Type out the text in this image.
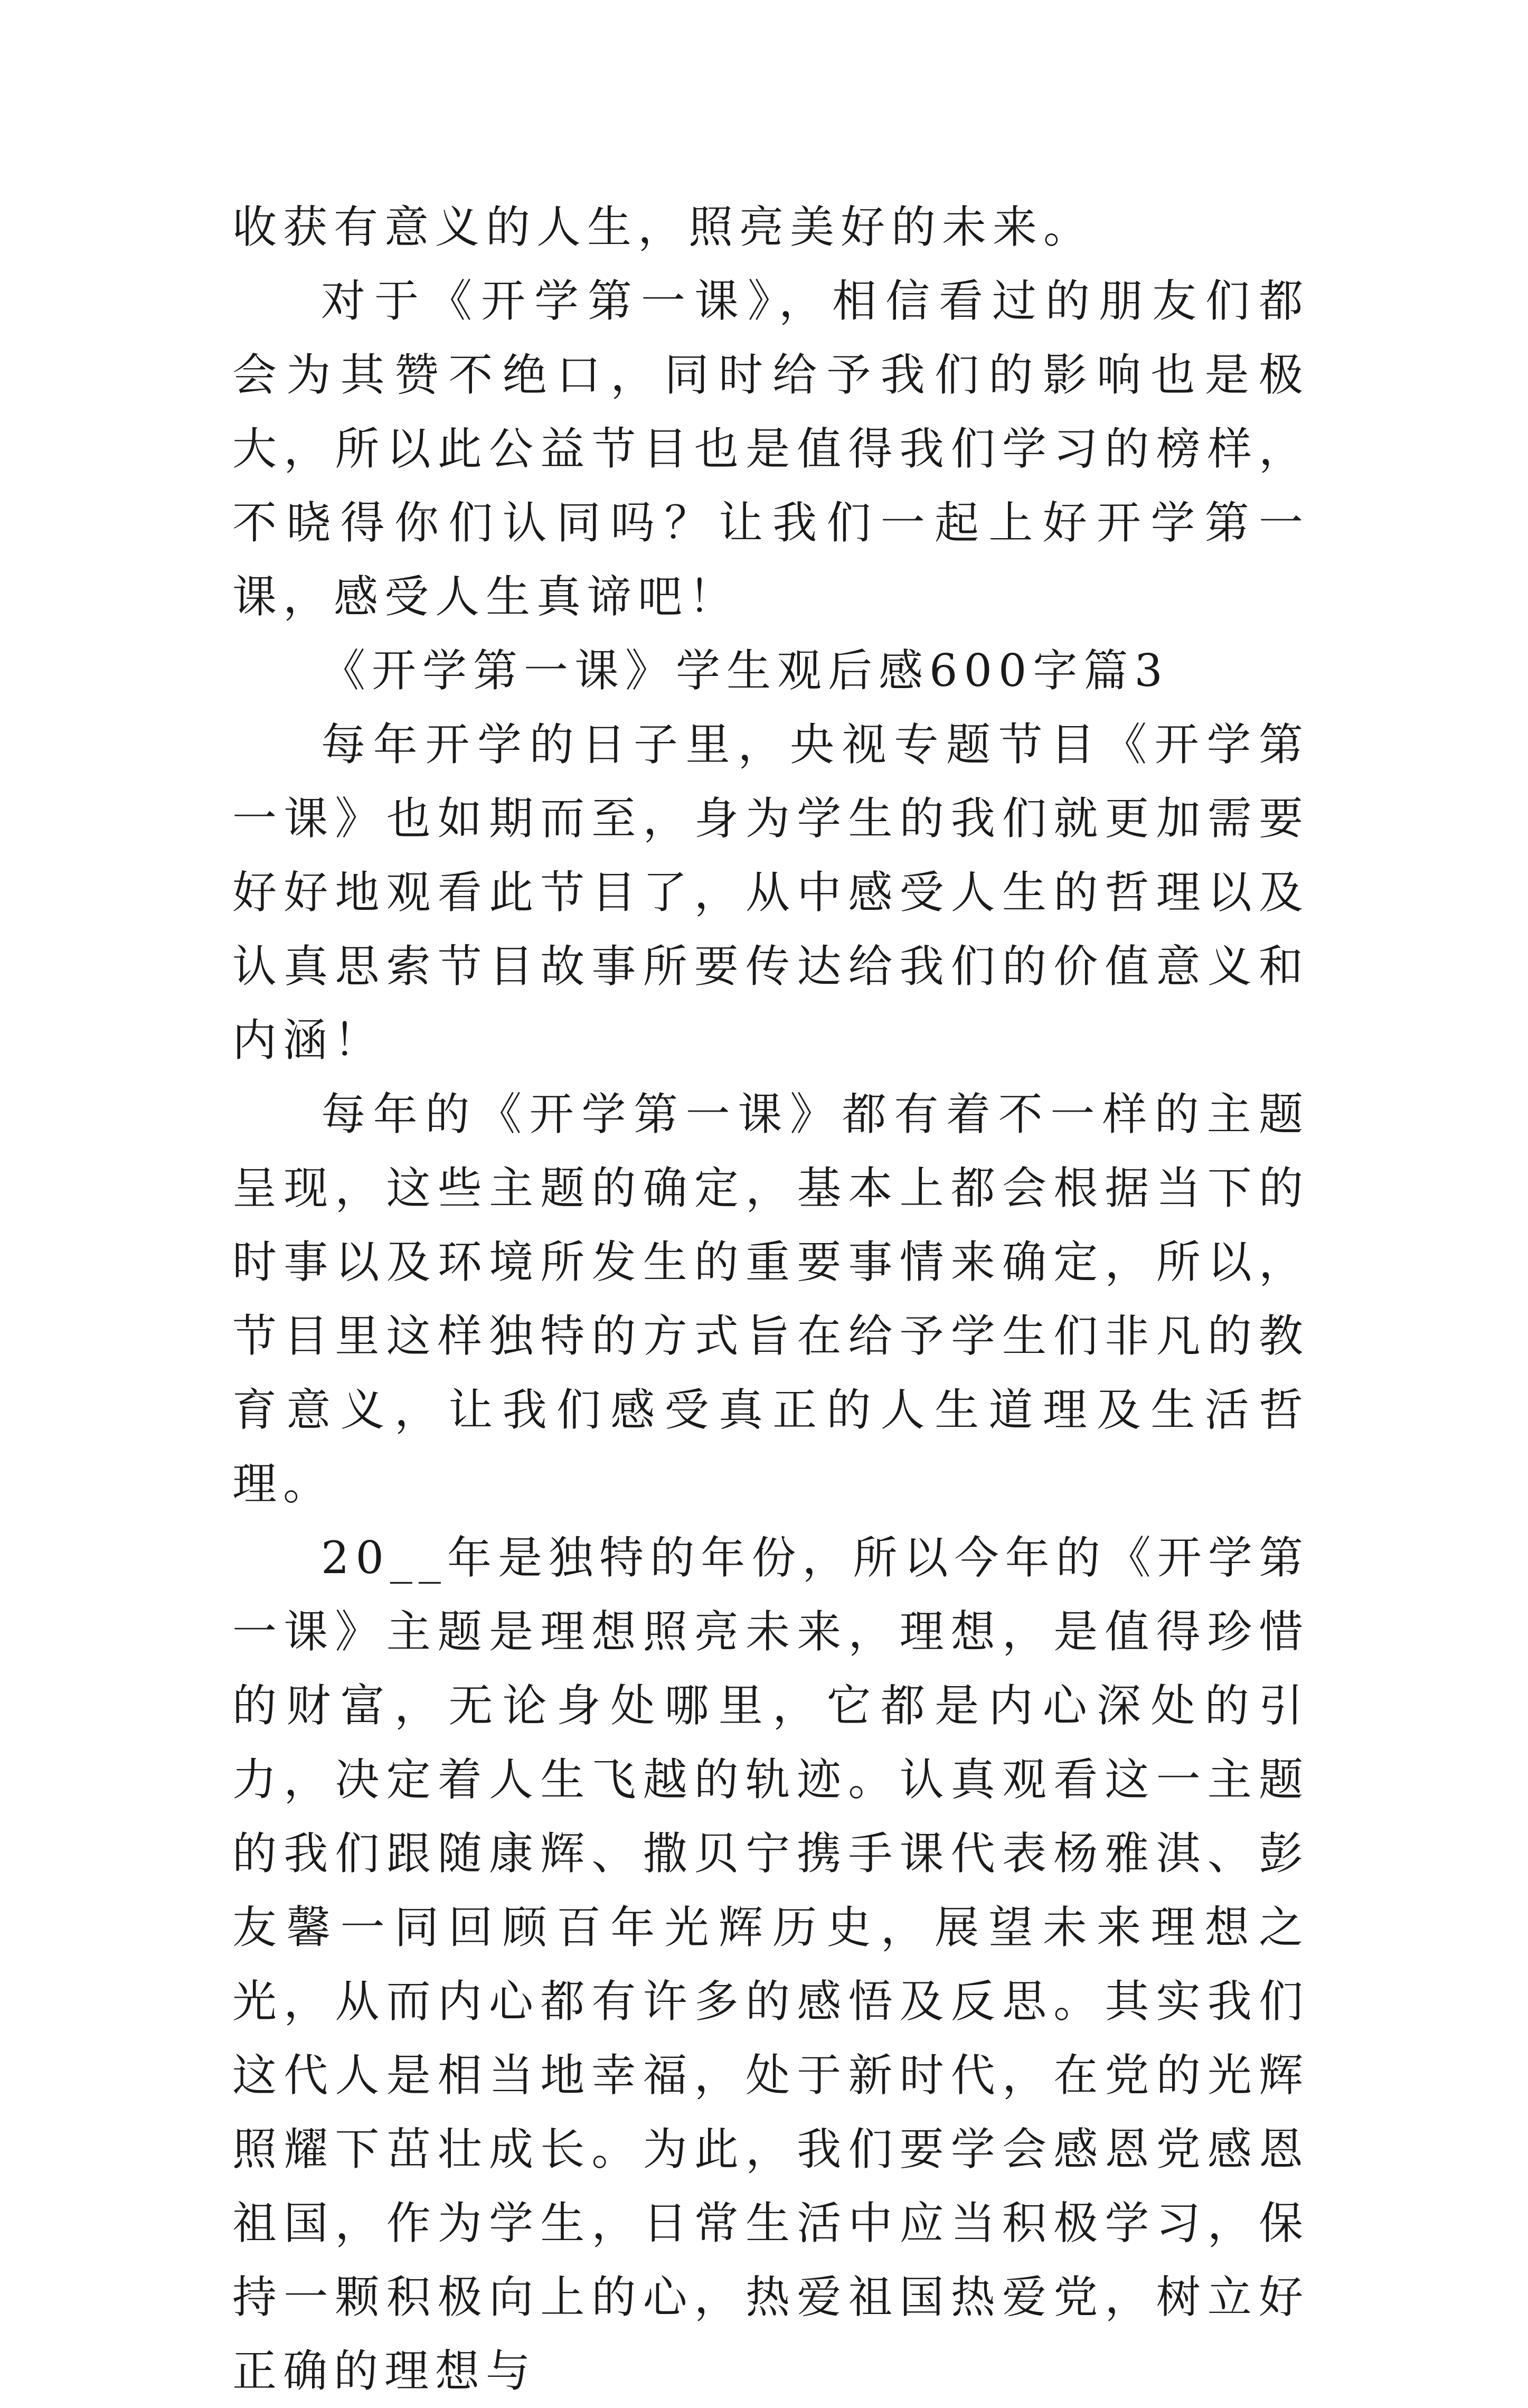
收获有意义的人生，照亮美好的未来。

对于《开学第一课》，相信看过的朋友们都会为其赞不绝口，同时给予我们的影响也是极大，所以此公益节目也是值得我们学习的榜样，不晓得你们认同吗？让我们一起上好开学第一课，感受人生真谛吧！

《开学第一课》学生观后感600字篇3

每年开学的日子里，央视专题节目《开学第一课》也如期而至，身为学生的我们就更加需要好好地观看此节目了，从中感受人生的哲理以及认真思索节目故事所要传达给我们的价值意义和内涵！

每年的《开学第一课》都有着不一样的主题呈现，这些主题的确定，基本上都会根据当下的时事以及环境所发生的重要事情来确定，所以，节目里这样独特的方式旨在给予学生们非凡的教育意义，让我们感受真正的人生道理及生活哲理。

20__年是独特的年份，所以今年的《开学第一课》主题是理想照亮未来，理想，是值得珍惜的财富，无论身处哪里，它都是内心深处的引力，决定着人生飞越的轨迹。认真观看这一主题的我们跟随康辉、撒贝宁携手课代表杨雅淇、彭友馨一同回顾百年光辉历史，展望未来理想之光，从而内心都有许多的感悟及反思。其实我们这代人是相当地幸福，处于新时代，在党的光辉照耀下茁壮成长。为此，我们要学会感恩党感恩祖国，作为学生，日常生活中应当积极学习，保持一颗积极向上的心，热爱祖国热爱党，树立好正确的理想与
